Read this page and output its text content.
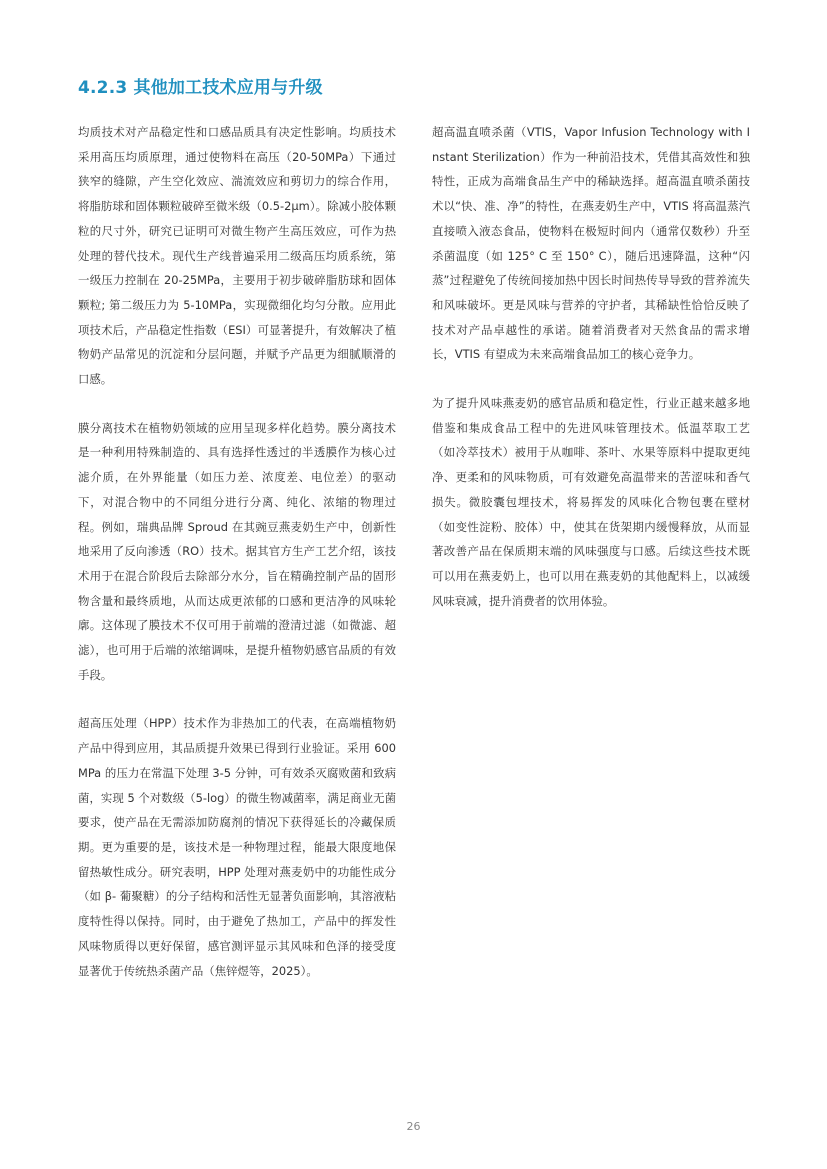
4.2.3 其他加工技术应用与升级

均质技术对产品稳定性和口感品质具有决定性影响。均质技术采用高压均质原理，通过使物料在高压（20-50MPa）下通过狭窄的缝隙，产生空化效应、湍流效应和剪切力的综合作用，将脂肪球和固体颗粒破碎至微米级（0.5-2μm）。除减小胶体颗粒的尺寸外，研究已证明可对微生物产生高压效应，可作为热处理的替代技术。现代生产线普遍采用二级高压均质系统，第一级压力控制在 20-25MPa，主要用于初步破碎脂肪球和固体颗粒; 第二级压力为 5-10MPa，实现微细化均匀分散。应用此项技术后，产品稳定性指数（ESI）可显著提升，有效解决了植物奶产品常见的沉淀和分层问题，并赋予产品更为细腻顺滑的口感。

膜分离技术在植物奶领域的应用呈现多样化趋势。膜分离技术是一种利用特殊制造的、具有选择性透过的半透膜作为核心过滤介质，在外界能量（如压力差、浓度差、电位差）的驱动下，对混合物中的不同组分进行分离、纯化、浓缩的物理过程。例如，瑞典品牌 Sproud 在其豌豆燕麦奶生产中，创新性地采用了反向渗透（RO）技术。据其官方生产工艺介绍，该技术用于在混合阶段后去除部分水分，旨在精确控制产品的固形物含量和最终质地，从而达成更浓郁的口感和更洁净的风味轮廓。这体现了膜技术不仅可用于前端的澄清过滤（如微滤、超滤），也可用于后端的浓缩调味，是提升植物奶感官品质的有效手段。

超高压处理（HPP）技术作为非热加工的代表，在高端植物奶产品中得到应用，其品质提升效果已得到行业验证。采用 600 MPa 的压力在常温下处理 3-5 分钟，可有效杀灭腐败菌和致病菌，实现 5 个对数级（5-log）的微生物减菌率，满足商业无菌要求，使产品在无需添加防腐剂的情况下获得延长的冷藏保质期。更为重要的是，该技术是一种物理过程，能最大限度地保留热敏性成分。研究表明，HPP 处理对燕麦奶中的功能性成分（如 β- 葡聚糖）的分子结构和活性无显著负面影响，其溶液粘度特性得以保持。同时，由于避免了热加工，产品中的挥发性风味物质得以更好保留，感官测评显示其风味和色泽的接受度显著优于传统热杀菌产品（焦锌煜等，2025）。

超高温直喷杀菌（VTIS，Vapor Infusion Technology with Instant Sterilization）作为一种前沿技术，凭借其高效性和独特性，正成为高端食品生产中的稀缺选择。超高温直喷杀菌技术以“快、准、净”的特性，在燕麦奶生产中，VTIS 将高温蒸汽直接喷入液态食品，使物料在极短时间内（通常仅数秒）升至杀菌温度（如 125° C 至 150° C），随后迅速降温，这种“闪蒸”过程避免了传统间接加热中因长时间热传导导致的营养流失和风味破坏。更是风味与营养的守护者，其稀缺性恰恰反映了技术对产品卓越性的承诺。随着消费者对天然食品的需求增长，VTIS 有望成为未来高端食品加工的核心竞争力。

为了提升风味燕麦奶的感官品质和稳定性，行业正越来越多地借鉴和集成食品工程中的先进风味管理技术。低温萃取工艺（如冷萃技术）被用于从咖啡、茶叶、水果等原料中提取更纯净、更柔和的风味物质，可有效避免高温带来的苦涩味和香气损失。微胶囊包埋技术，将易挥发的风味化合物包裹在壁材（如变性淀粉、胶体）中，使其在货架期内缓慢释放，从而显著改善产品在保质期末端的风味强度与口感。后续这些技术既可以用在燕麦奶上，也可以用在燕麦奶的其他配料上，以减缓风味衰减，提升消费者的饮用体验。

26
